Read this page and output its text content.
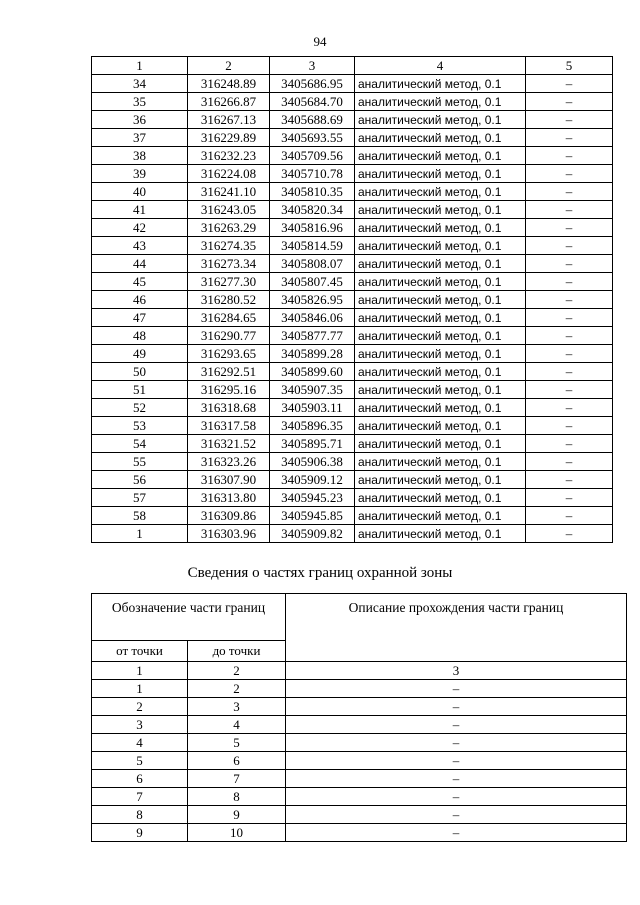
94
1	2	3	4	5
34	316248.89	3405686.95	аналитический метод, 0.1	–
35	316266.87	3405684.70	аналитический метод, 0.1	–
36	316267.13	3405688.69	аналитический метод, 0.1	–
37	316229.89	3405693.55	аналитический метод, 0.1	–
38	316232.23	3405709.56	аналитический метод, 0.1	–
39	316224.08	3405710.78	аналитический метод, 0.1	–
40	316241.10	3405810.35	аналитический метод, 0.1	–
41	316243.05	3405820.34	аналитический метод, 0.1	–
42	316263.29	3405816.96	аналитический метод, 0.1	–
43	316274.35	3405814.59	аналитический метод, 0.1	–
44	316273.34	3405808.07	аналитический метод, 0.1	–
45	316277.30	3405807.45	аналитический метод, 0.1	–
46	316280.52	3405826.95	аналитический метод, 0.1	–
47	316284.65	3405846.06	аналитический метод, 0.1	–
48	316290.77	3405877.77	аналитический метод, 0.1	–
49	316293.65	3405899.28	аналитический метод, 0.1	–
50	316292.51	3405899.60	аналитический метод, 0.1	–
51	316295.16	3405907.35	аналитический метод, 0.1	–
52	316318.68	3405903.11	аналитический метод, 0.1	–
53	316317.58	3405896.35	аналитический метод, 0.1	–
54	316321.52	3405895.71	аналитический метод, 0.1	–
55	316323.26	3405906.38	аналитический метод, 0.1	–
56	316307.90	3405909.12	аналитический метод, 0.1	–
57	316313.80	3405945.23	аналитический метод, 0.1	–
58	316309.86	3405945.85	аналитический метод, 0.1	–
1	316303.96	3405909.82	аналитический метод, 0.1	–
Сведения о частях границ охранной зоны
Обозначение части границ		Описание прохождения части границ
от точки	до точки	
1	2	3
1	2	–
2	3	–
3	4	–
4	5	–
5	6	–
6	7	–
7	8	–
8	9	–
9	10	–
